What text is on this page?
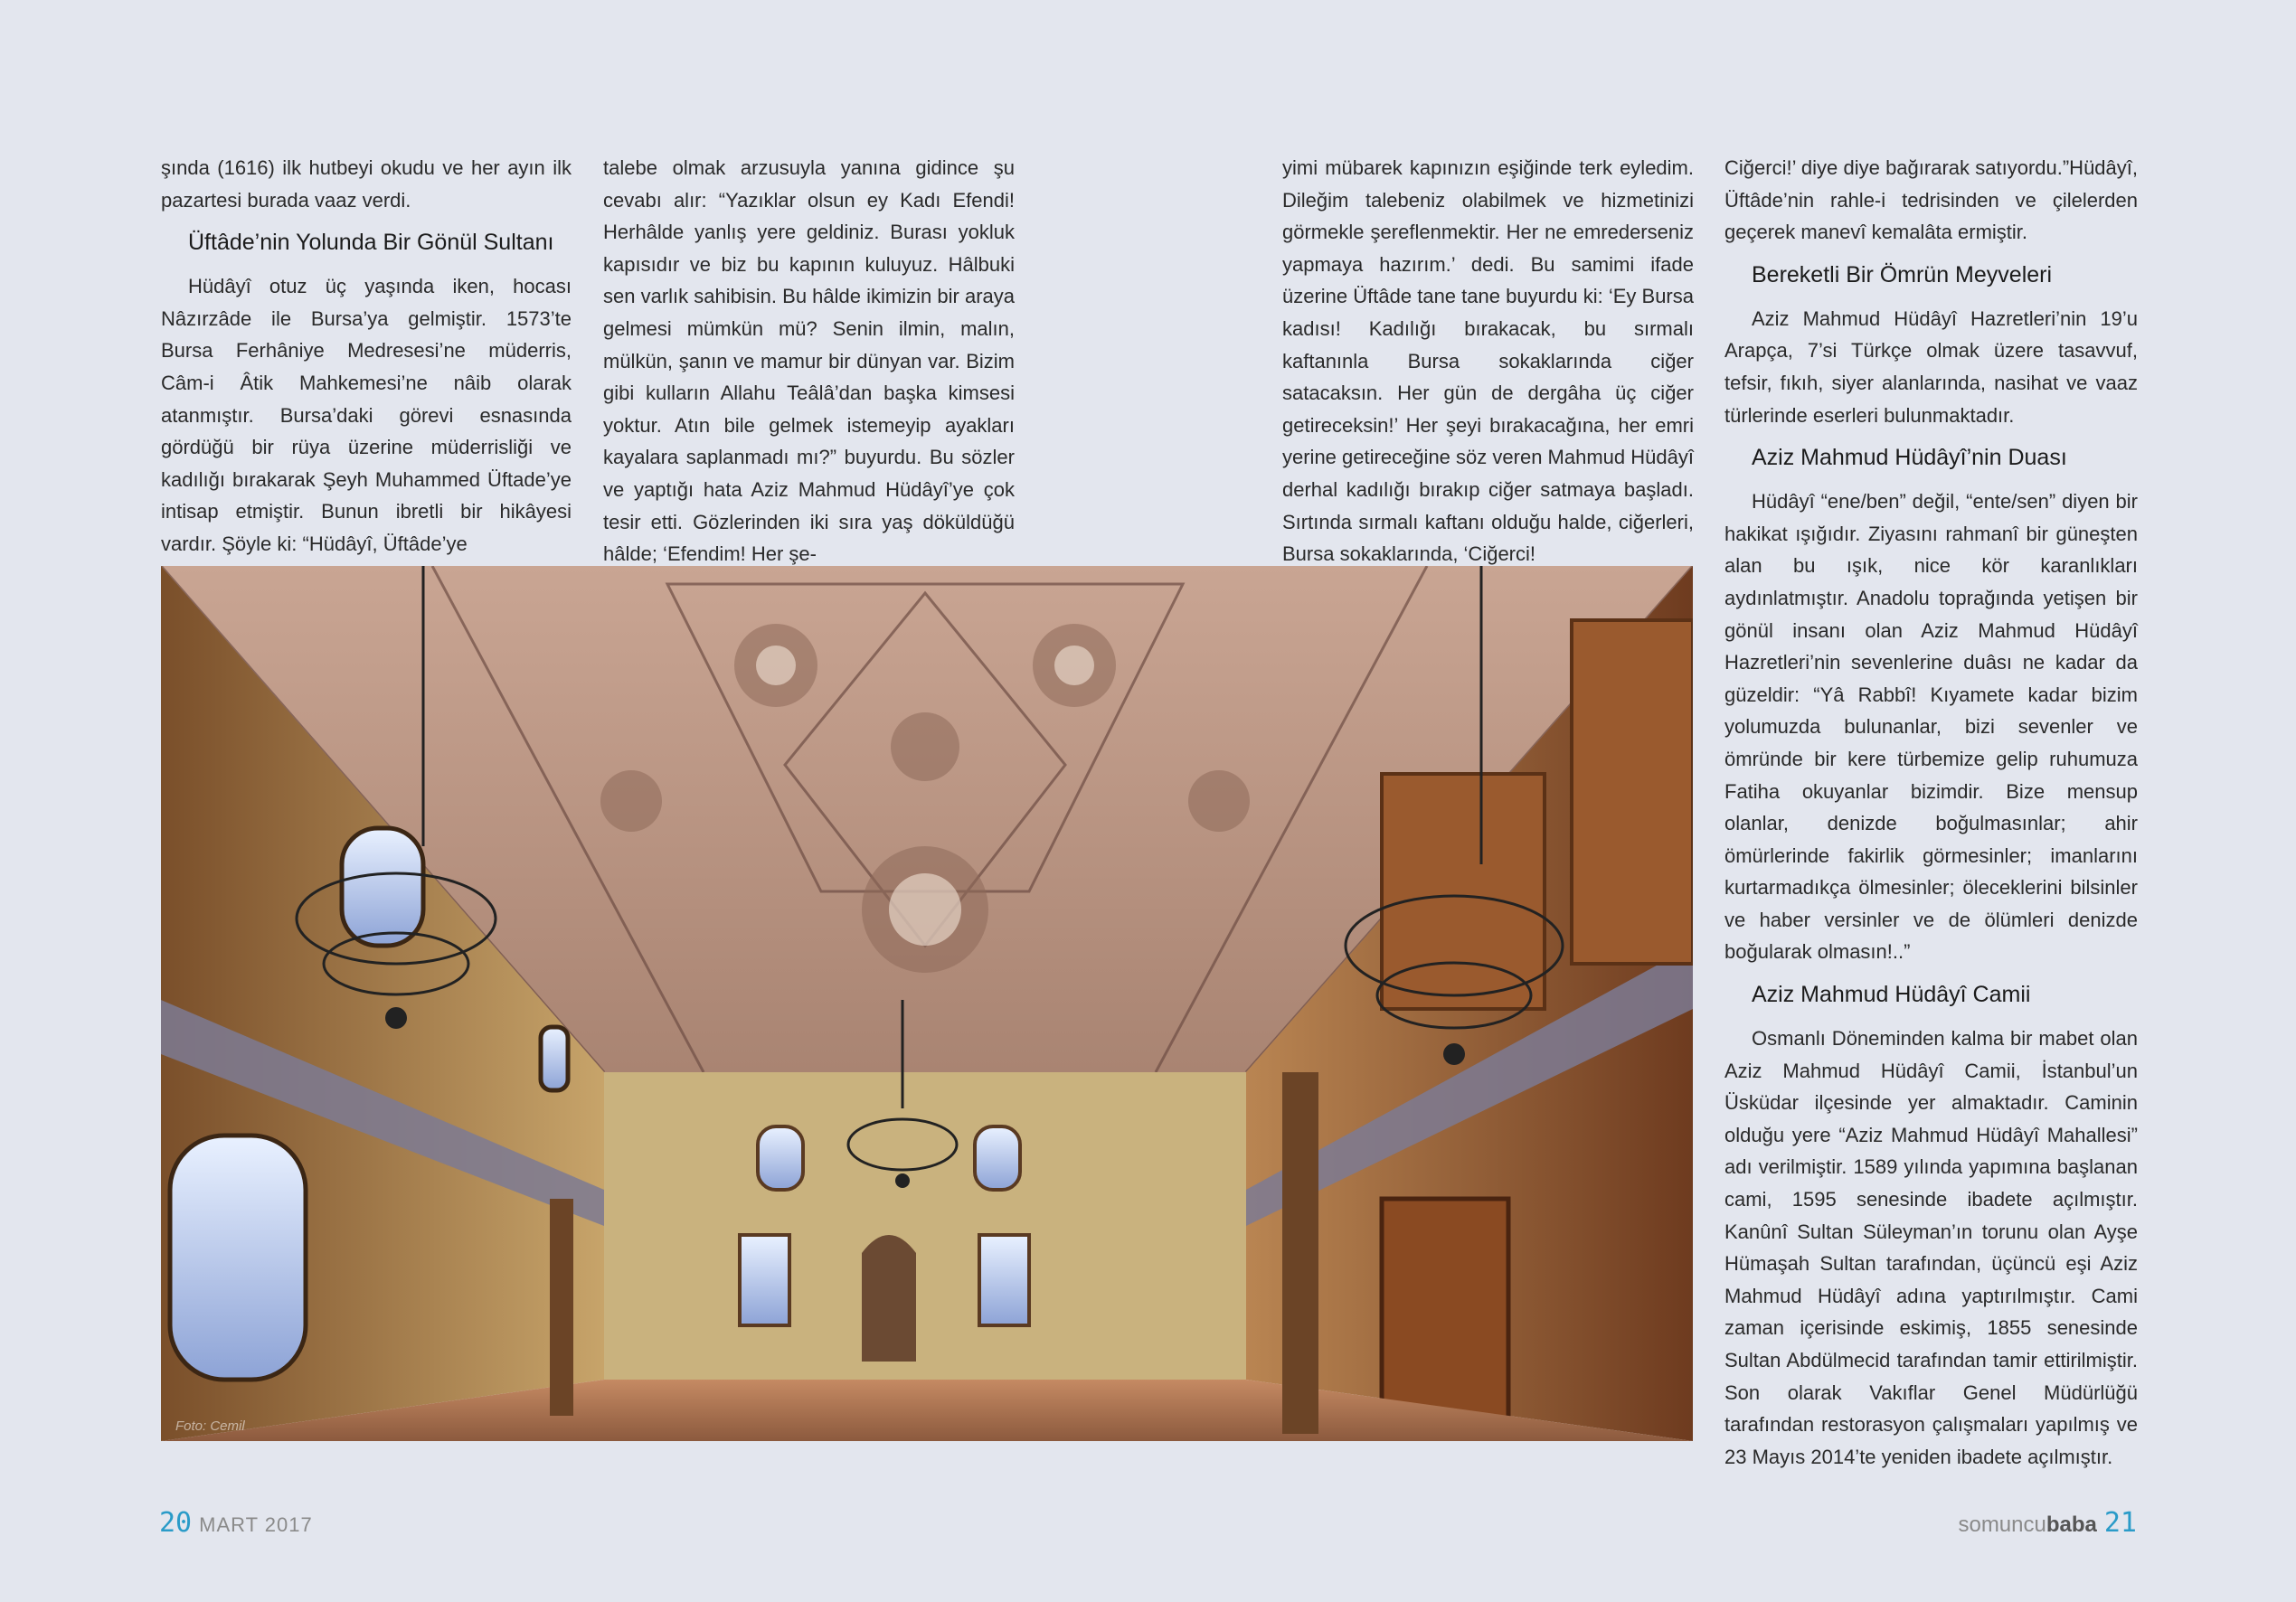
şında (1616) ilk hutbeyi okudu ve her ayın ilk pazartesi burada vaaz verdi.

Üftâde’nin Yolunda Bir Gönül Sultanı

Hüdâyî otuz üç yaşında iken, hocası Nâzırzâde ile Bursa’ya gelmiştir. 1573’te Bursa Ferhâniye Medresesi’ne müderris, Câm-i Âtik Mahkemesi’ne nâib olarak atanmıştır. Bursa’daki görevi esnasında gördüğü bir rüya üzerine müderrisliği ve kadılığı bırakarak Şeyh Muhammed Üftade’ye intisap etmiştir. Bunun ibretli bir hikâyesi vardır. Şöyle ki: “Hüdâyî, Üftâde’ye

talebe olmak arzusuyla yanına gidince şu cevabı alır: “Yazıklar olsun ey Kadı Efendi! Herhâlde yanlış yere geldiniz. Burası yokluk kapısıdır ve biz bu kapının kuluyuz. Hâlbuki sen varlık sahibisin. Bu hâlde ikimizin bir araya gelmesi mümkün mü? Senin ilmin, malın, mülkün, şanın ve mamur bir dünyan var. Bizim gibi kulların Allahu Teâlâ’dan başka kimsesi yoktur. Atın bile gelmek istemeyip ayakları kayalara saplanmadı mı?” buyurdu. Bu sözler ve yaptığı hata Aziz Mahmud Hüdâyî’ye çok tesir etti. Gözlerinden iki sıra yaş döküldüğü hâlde; ‘Efendim! Her şe-

yimi mübarek kapınızın eşiğinde terk eyledim. Dileğim talebeniz olabilmek ve hizmetinizi görmekle şereflenmektir. Her ne emrederseniz yapmaya hazırım.’ dedi. Bu samimi ifade üzerine Üftâde tane tane buyurdu ki: ‘Ey Bursa kadısı! Kadılığı bırakacak, bu sırmalı kaftanınla Bursa sokaklarında ciğer satacaksın. Her gün de dergâha üç ciğer getireceksin!’ Her şeyi bırakacağına, her emri yerine getireceğine söz veren Mahmud Hüdâyî derhal kadılığı bırakıp ciğer satmaya başladı. Sırtında sırmalı kaftanı olduğu halde, ciğerleri, Bursa sokaklarında, ‘Ciğerci!

Ciğerci!’ diye diye bağırarak satıyordu.”Hüdâyî, Üftâde’nin rahle-i tedrisinden ve çilelerden geçerek manevî kemalâta ermiştir.

Bereketli Bir Ömrün Meyveleri

Aziz Mahmud Hüdâyî Hazretleri’nin 19’u Arapça, 7’si Türkçe olmak üzere tasavvuf, tefsir, fıkıh, siyer alanlarında, nasihat ve vaaz türlerinde eserleri bulunmaktadır.

Aziz Mahmud Hüdâyî’nin Duası

Hüdâyî “ene/ben” değil, “ente/sen” diyen bir hakikat ışığıdır. Ziyasını rahmanî bir güneşten alan bu ışık, nice kör karanlıkları aydınlatmıştır. Anadolu toprağında yetişen bir gönül insanı olan Aziz Mahmud Hüdâyî Hazretleri’nin sevenlerine duâsı ne kadar da güzeldir: “Yâ Rabbî! Kıyamete kadar bizim yolumuzda bulunanlar, bizi sevenler ve ömründe bir kere türbemize gelip ruhumuza Fatiha okuyanlar bizimdir. Bize mensup olanlar, denizde boğulmasınlar; ahir ömürlerinde fakirlik görmesinler; imanlarını kurtarmadıkça ölmesinler; öleceklerini bilsinler ve haber versinler ve de ölümleri denizde boğularak olmasın!..”

Aziz Mahmud Hüdâyî Camii

Osmanlı Döneminden kalma bir mabet olan Aziz Mahmud Hüdâyî Camii, İstanbul’un Üsküdar ilçesinde yer almaktadır. Caminin olduğu yere “Aziz Mahmud Hüdâyî Mahallesi” adı verilmiştir. 1589 yılında yapımına başlanan cami, 1595 senesinde ibadete açılmıştır. Kanûnî Sultan Süleyman’ın torunu olan Ayşe Hümaşah Sultan tarafından, üçüncü eşi Aziz Mahmud Hüdâyî adına yaptırılmıştır. Cami zaman içerisinde eskimiş, 1855 senesinde Sultan Abdülmecid tarafından tamir ettirilmiştir. Son olarak Vakıflar Genel Müdürlüğü tarafından restorasyon çalışmaları yapılmış ve 23 Mayıs 2014’te yeniden ibadete açılmıştır.

Foto: Cemil
20 MART 2017	somuncubaba 21
